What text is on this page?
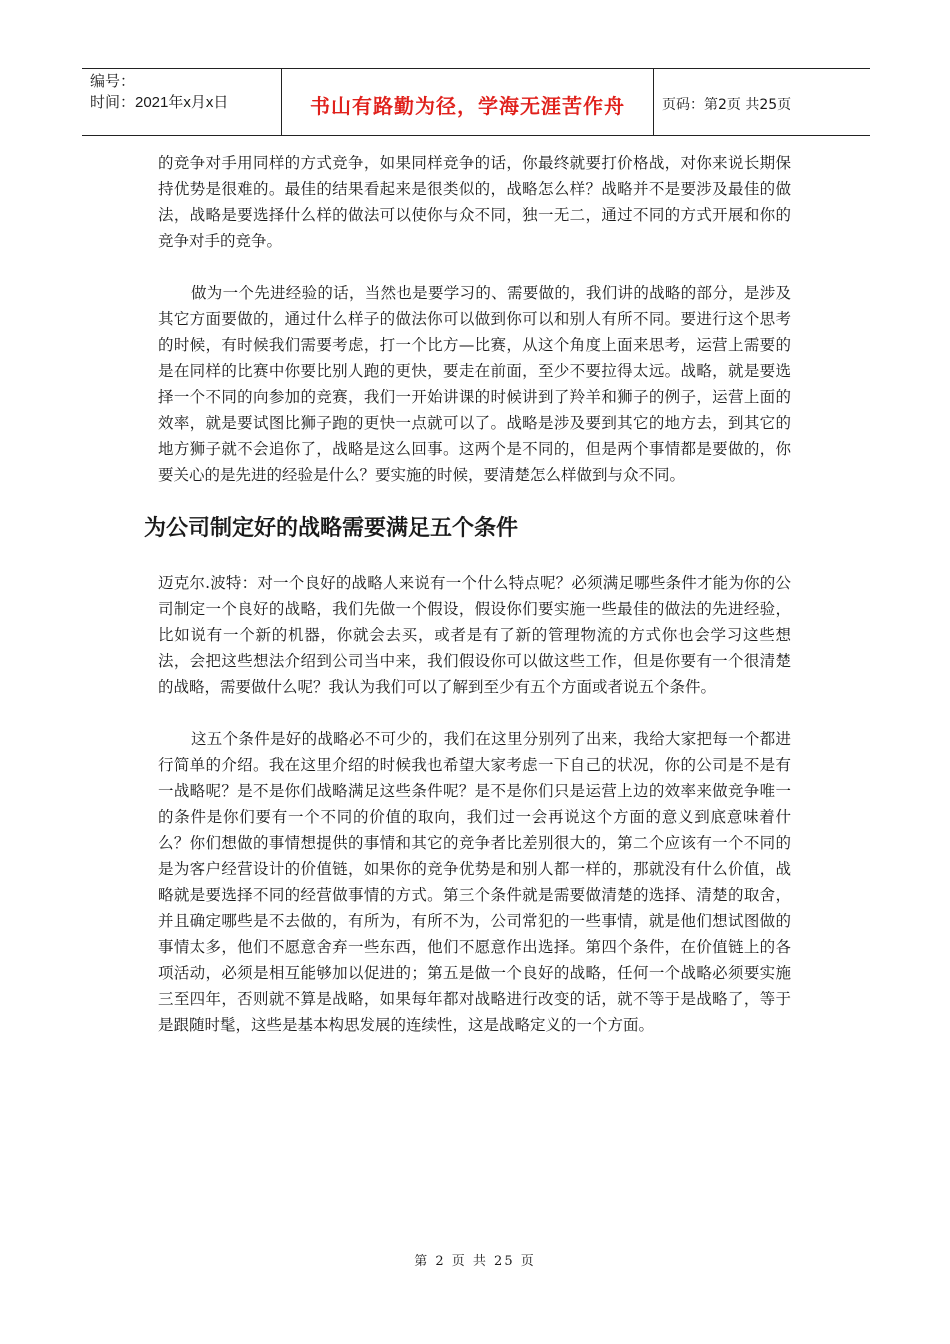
编号：
时间：2021年x月x日	书山有路勤为径，学海无涯苦作舟	页码：第2页 共25页

的竞争对手用同样的方式竞争，如果同样竞争的话，你最终就要打价格战，对你来说长期保持优势是很难的。最佳的结果看起来是很类似的，战略怎么样？战略并不是要涉及最佳的做法，战略是要选择什么样的做法可以使你与众不同，独一无二，通过不同的方式开展和你的竞争对手的竞争。

做为一个先进经验的话，当然也是要学习的、需要做的，我们讲的战略的部分，是涉及其它方面要做的，通过什么样子的做法你可以做到你可以和别人有所不同。要进行这个思考的时候，有时候我们需要考虑，打一个比方—比赛，从这个角度上面来思考，运营上需要的是在同样的比赛中你要比别人跑的更快，要走在前面，至少不要拉得太远。战略，就是要选择一个不同的向参加的竞赛，我们一开始讲课的时候讲到了羚羊和狮子的例子，运营上面的效率，就是要试图比狮子跑的更快一点就可以了。战略是涉及要到其它的地方去，到其它的地方狮子就不会追你了，战略是这么回事。这两个是不同的，但是两个事情都是要做的，你要关心的是先进的经验是什么？要实施的时候，要清楚怎么样做到与众不同。

为公司制定好的战略需要满足五个条件

迈克尔.波特：对一个良好的战略人来说有一个什么特点呢？必须满足哪些条件才能为你的公司制定一个良好的战略，我们先做一个假设，假设你们要实施一些最佳的做法的先进经验，比如说有一个新的机器，你就会去买，或者是有了新的管理物流的方式你也会学习这些想法，会把这些想法介绍到公司当中来，我们假设你可以做这些工作，但是你要有一个很清楚的战略，需要做什么呢？我认为我们可以了解到至少有五个方面或者说五个条件。

这五个条件是好的战略必不可少的，我们在这里分别列了出来，我给大家把每一个都进行简单的介绍。我在这里介绍的时候我也希望大家考虑一下自己的状况，你的公司是不是有一战略呢？是不是你们战略满足这些条件呢？是不是你们只是运营上边的效率来做竞争唯一的条件是你们要有一个不同的价值的取向，我们过一会再说这个方面的意义到底意味着什么？你们想做的事情想提供的事情和其它的竞争者比差别很大的，第二个应该有一个不同的是为客户经营设计的价值链，如果你的竞争优势是和别人都一样的，那就没有什么价值，战略就是要选择不同的经营做事情的方式。第三个条件就是需要做清楚的选择、清楚的取舍，并且确定哪些是不去做的，有所为，有所不为，公司常犯的一些事情，就是他们想试图做的事情太多，他们不愿意舍弃一些东西，他们不愿意作出选择。第四个条件，在价值链上的各项活动，必须是相互能够加以促进的；第五是做一个良好的战略，任何一个战略必须要实施三至四年，否则就不算是战略，如果每年都对战略进行改变的话，就不等于是战略了，等于是跟随时髦，这些是基本构思发展的连续性，这是战略定义的一个方面。

第 2 页 共 25 页
